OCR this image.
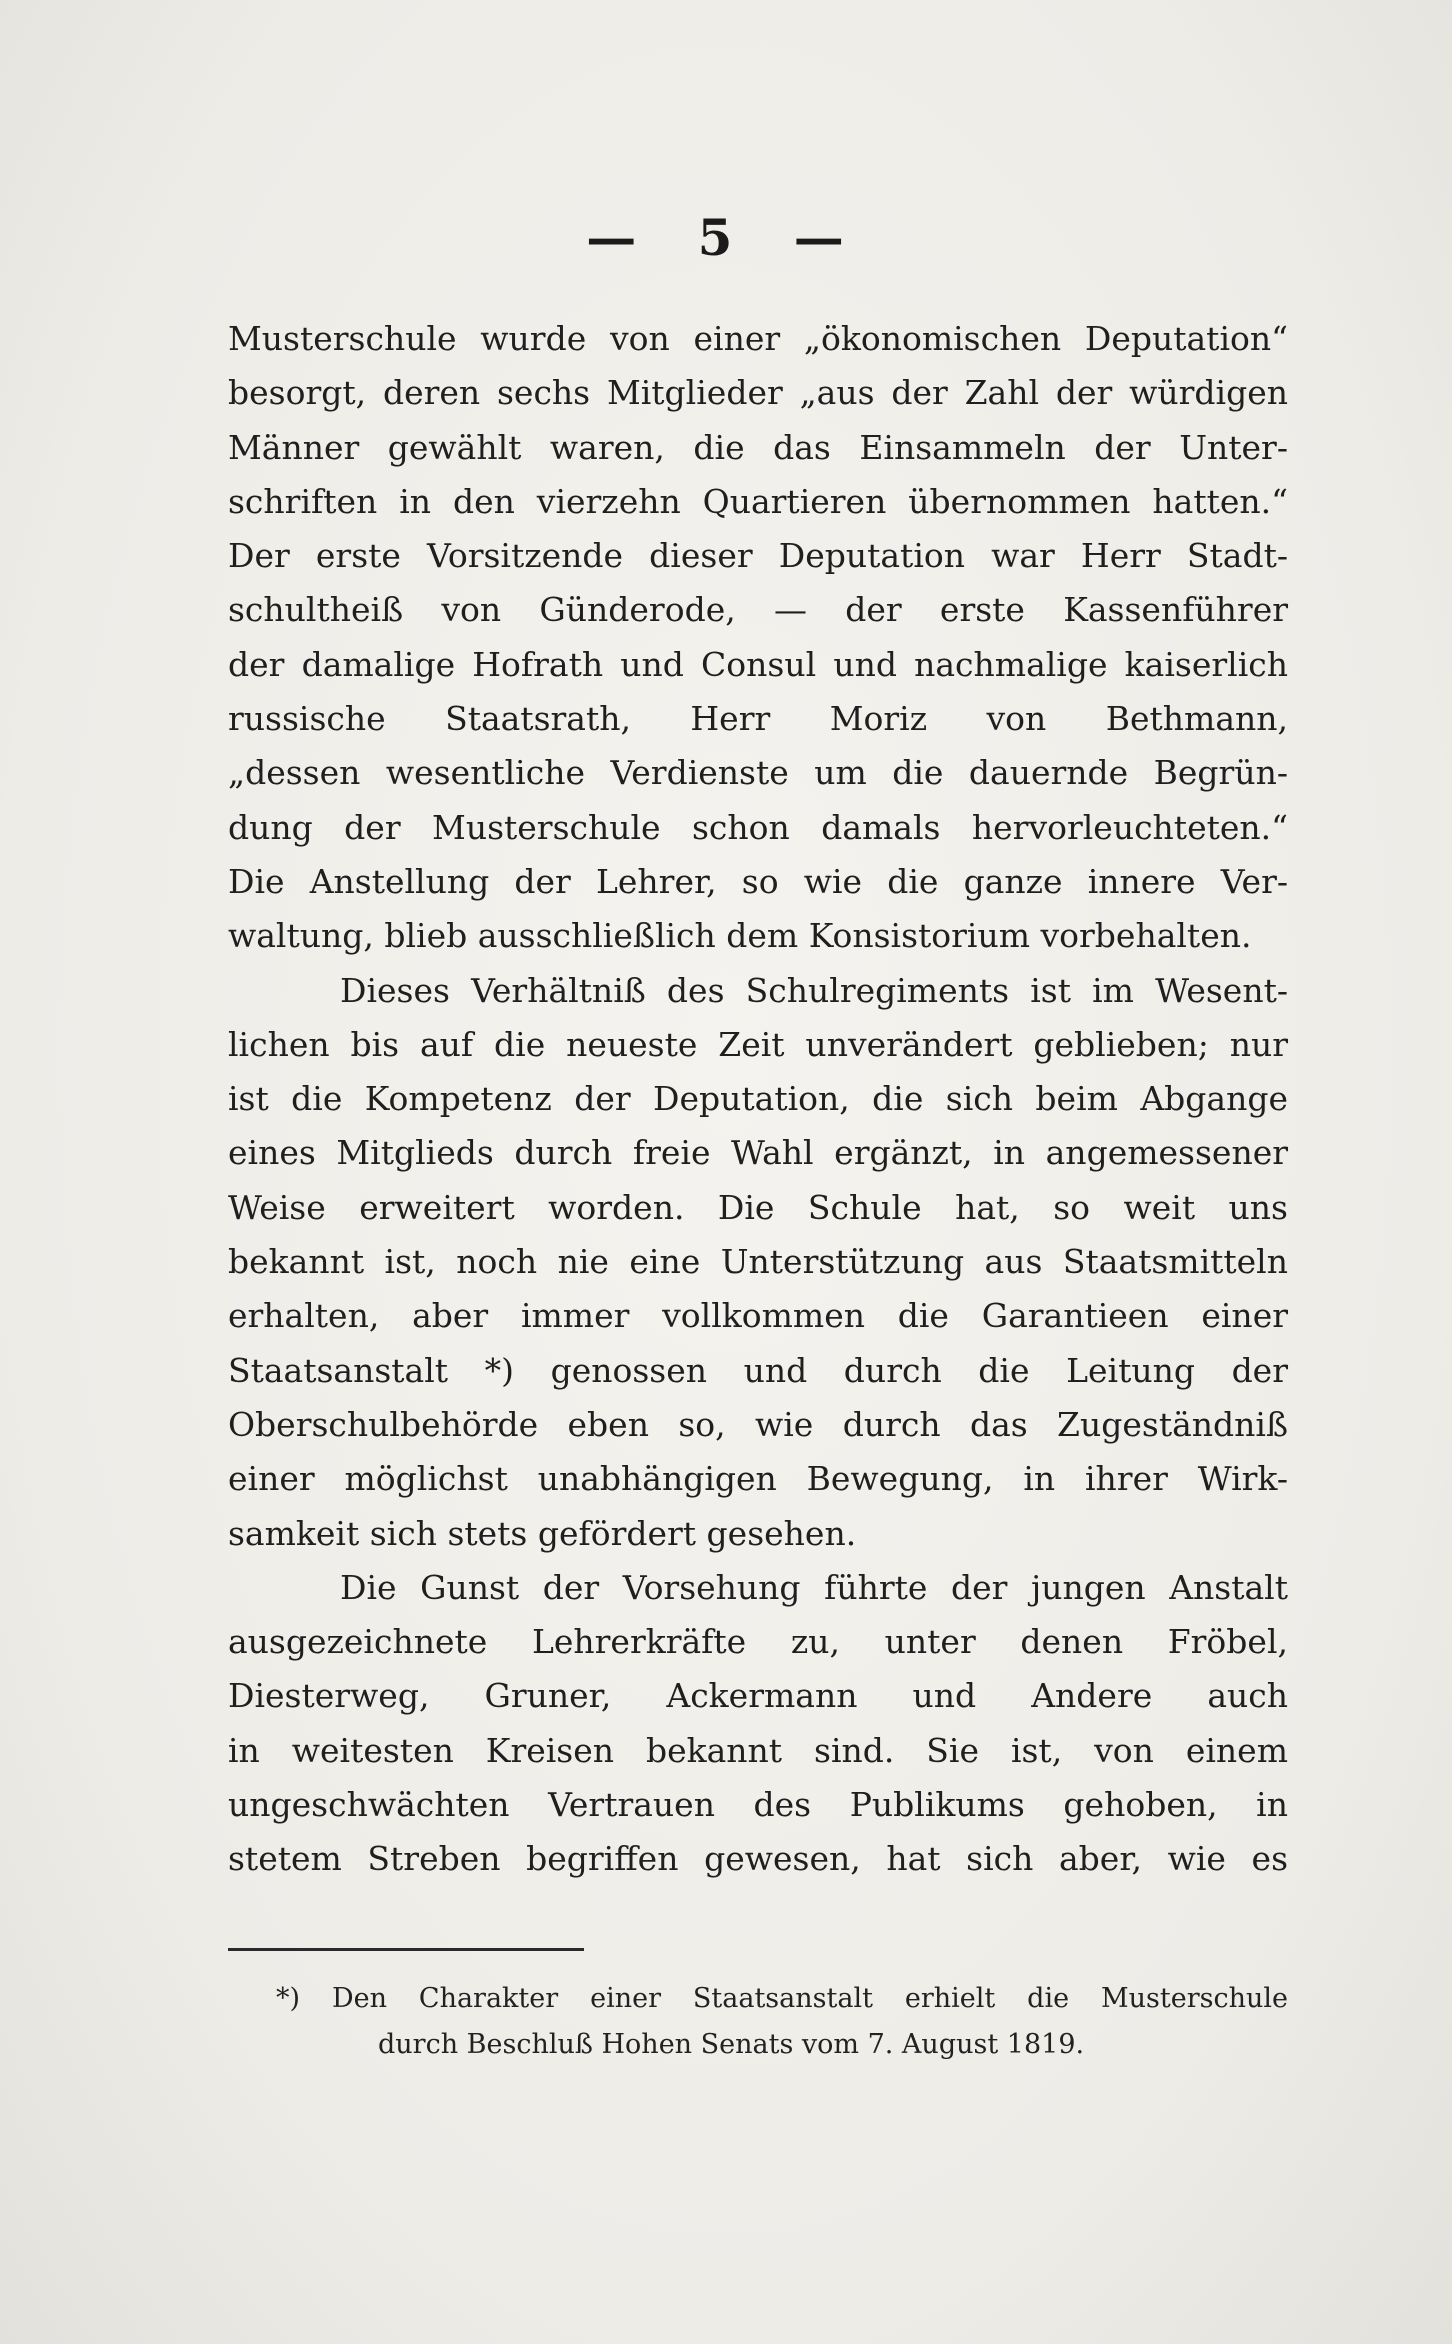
— 5 —
Musterschule wurde von einer „ökonomischen Deputation“
besorgt, deren sechs Mitglieder „aus der Zahl der würdigen
Männer gewählt waren, die das Einsammeln der Unter-
schriften in den vierzehn Quartieren übernommen hatten.“
Der erste Vorsitzende dieser Deputation war Herr Stadt-
schultheiß von Günderode, — der erste Kassenführer
der damalige Hofrath und Consul und nachmalige kaiserlich
russische Staatsrath, Herr Moriz von Bethmann,
„dessen wesentliche Verdienste um die dauernde Begrün-
dung der Musterschule schon damals hervorleuchteten.“
Die Anstellung der Lehrer, so wie die ganze innere Ver-
waltung, blieb ausschließlich dem Konsistorium vorbehalten.
Dieses Verhältniß des Schulregiments ist im Wesent-
lichen bis auf die neueste Zeit unverändert geblieben; nur
ist die Kompetenz der Deputation, die sich beim Abgange
eines Mitglieds durch freie Wahl ergänzt, in angemessener
Weise erweitert worden. Die Schule hat, so weit uns
bekannt ist, noch nie eine Unterstützung aus Staatsmitteln
erhalten, aber immer vollkommen die Garantieen einer
Staatsanstalt *) genossen und durch die Leitung der
Oberschulbehörde eben so, wie durch das Zugeständniß
einer möglichst unabhängigen Bewegung, in ihrer Wirk-
samkeit sich stets gefördert gesehen.
Die Gunst der Vorsehung führte der jungen Anstalt
ausgezeichnete Lehrerkräfte zu, unter denen Fröbel,
Diesterweg, Gruner, Ackermann und Andere auch
in weitesten Kreisen bekannt sind. Sie ist, von einem
ungeschwächten Vertrauen des Publikums gehoben, in
stetem Streben begriffen gewesen, hat sich aber, wie es
*) Den Charakter einer Staatsanstalt erhielt die Musterschule
durch Beschluß Hohen Senats vom 7. August 1819.
